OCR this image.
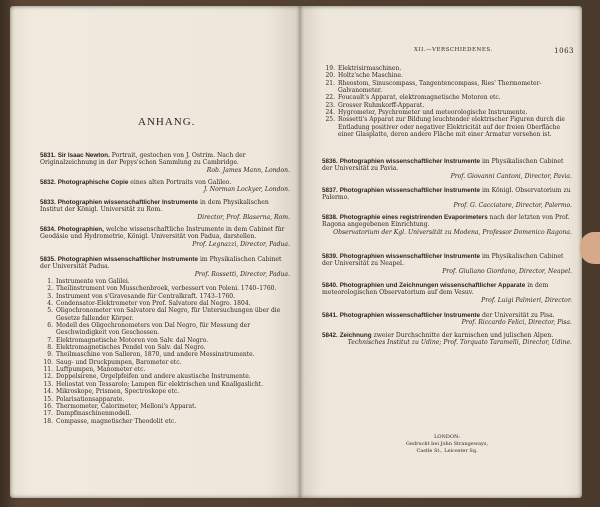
ANHANG.
5831. Sir Isaac Newton. Portrait, gestochen von J. Ostrim. Nach der Originalzeichnung in der Pepys'schen Sammlung zu Cambridge.
Rob. James Mann, London.
5832. Photographische Copie eines alten Portraits von Galileo.
J. Norman Lockyer, London.
5833. Photographien wissenschaftlicher Instrumente in dem Physikalischen Institut der Königl. Universität zu Rom.
Director, Prof. Blaserna, Rom.
5834. Photographien, welche wissenschaftliche Instrumente in dem Cabinet für Geodäsie und Hydrometrie, Königl. Universität von Padua, darstellen.
Prof. Legnazzi, Director, Padua.
5835. Photographien wissenschaftlicher Instrumente im Physikalischen Cabinet der Universität Padua.
Prof. Rossetti, Director, Padua.
1. Instrumente von Galilei.
2. Theilinstrument von Musschenbroek, verbessert von Poleni. 1740–1760.
3. Instrument von s'Gravesande für Centralkraft. 1743–1760.
4. Condensator-Elektrometer von Prof. Salvatore dal Negro. 1804.
5. Oligochronometer von Salvatore dal Negro, für Untersuchungen über die Gesetze fallender Körper.
6. Modell des Oligochronometers von Dal Negro, für Messung der Geschwindigkeit von Geschossen.
7. Elektromagnetische Motoren von Salv. dal Negro.
8. Elektromagnetisches Pendel von Salv. dal Negro.
9. Theilmaschine von Salleron, 1870, und andere Messinstrumente.
10. Saug- und Druckpumpen, Barometer etc.
11. Luftpumpen, Manometer etc.
12. Doppelsirene, Orgelpfeifen und andere akustische Instrumente.
13. Heliostat von Tessarolo; Lampen für elektrischen und Knallgaslicht.
14. Mikroskope, Prismen, Spectroskope etc.
15. Polarisationsapparate.
16. Thermometer, Calorimeter, Melloni's Apparat.
17. Dampfmaschinenmodell.
18. Compasse, magnetischer Theodolit etc.
XII.—VERSCHIEDENES.	1063
19. Elektrisirmaschinen.
20. Holtz'sche Maschine.
21. Rheostom, Sinuscompass, Tangentencompass, Ries' Thermometer-Galvanometer.
22. Foucault's Apparat, elektromagnetische Motoren etc.
23. Grosser Ruhmkorff-Apparat.
24. Hygrometer, Psychrometer und meteorologische Instrumente.
25. Rossetti's Apparat zur Bildung leuchtender elektrischer Figuren durch die Entladung positiver oder negativer Elektricität auf der freien Oberfläche einer Glasplatte, deren andere Fläche mit einer Armatur versehen ist.
5836. Photographien wissenschaftlicher Instrumente im Physikalischen Cabinet der Universität zu Pavia.
Prof. Giovanni Cantoni, Director, Pavia.
5837. Photographien wissenschaftlicher Instrumente im Königl. Observatorium zu Palermo.
Prof. G. Cacciatore, Director, Palermo.
5838. Photographie eines registrirenden Evaporimeters nach der letzten von Prof. Ragona angegebenen Einrichtung.
Observatorium der Kgl. Universität zu Modena, Professor Domenico Ragona.
5839. Photographien wissenschaftlicher Instrumente im Physikalischen Cabinet der Universität zu Neapel.
Prof. Giuliano Giordano, Director, Neapel.
5840. Photographien und Zeichnungen wissenschaftlicher Apparate in dem meteorologischen Observatorium auf dem Vesuv.
Prof. Luigi Palmieri, Director.
5841. Photographien wissenschaftlicher Instrumente der Universität zu Pisa.
Prof. Riccardo Felici, Director, Pisa.
5842. Zeichnung zweier Durchschnitte der karnischen und julischen Alpen.
Technisches Institut zu Udine; Prof. Torquato Taramelli, Director, Udine.
LONDON:
Gedruckt bei John Strangeways,
Castle St., Leicester Sq.
